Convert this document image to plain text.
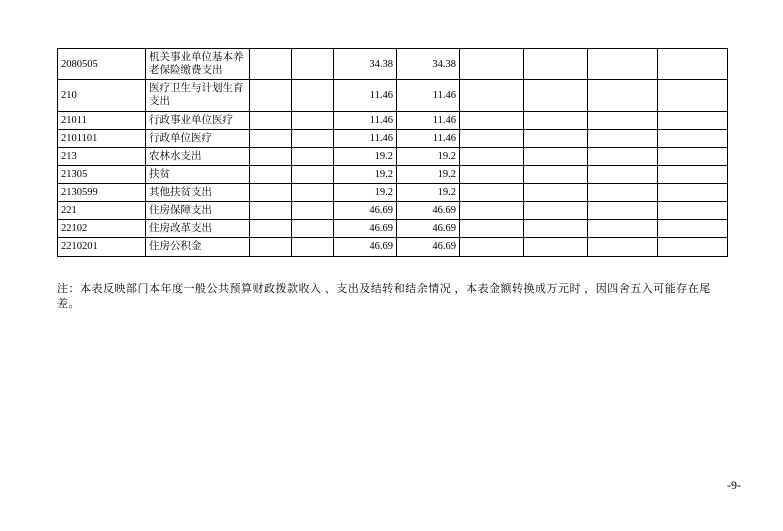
2080505	机关事业单位基本养老保险缴费支出			34.38	34.38				
210	医疗卫生与计划生育支出			11.46	11.46				
21011	行政事业单位医疗			11.46	11.46				
2101101	行政单位医疗			11.46	11.46				
213	农林水支出			19.2	19.2				
21305	扶贫			19.2	19.2				
2130599	其他扶贫支出			19.2	19.2				
221	住房保障支出			46.69	46.69				
22102	住房改革支出			46.69	46.69				
2210201	住房公积金			46.69	46.69				
注：本表反映部门本年度一般公共预算财政拨款收入 、支出及结转和结余情况 ，本表金额转换成万元时 ，因四舍五入可能存在尾差。
-9-
